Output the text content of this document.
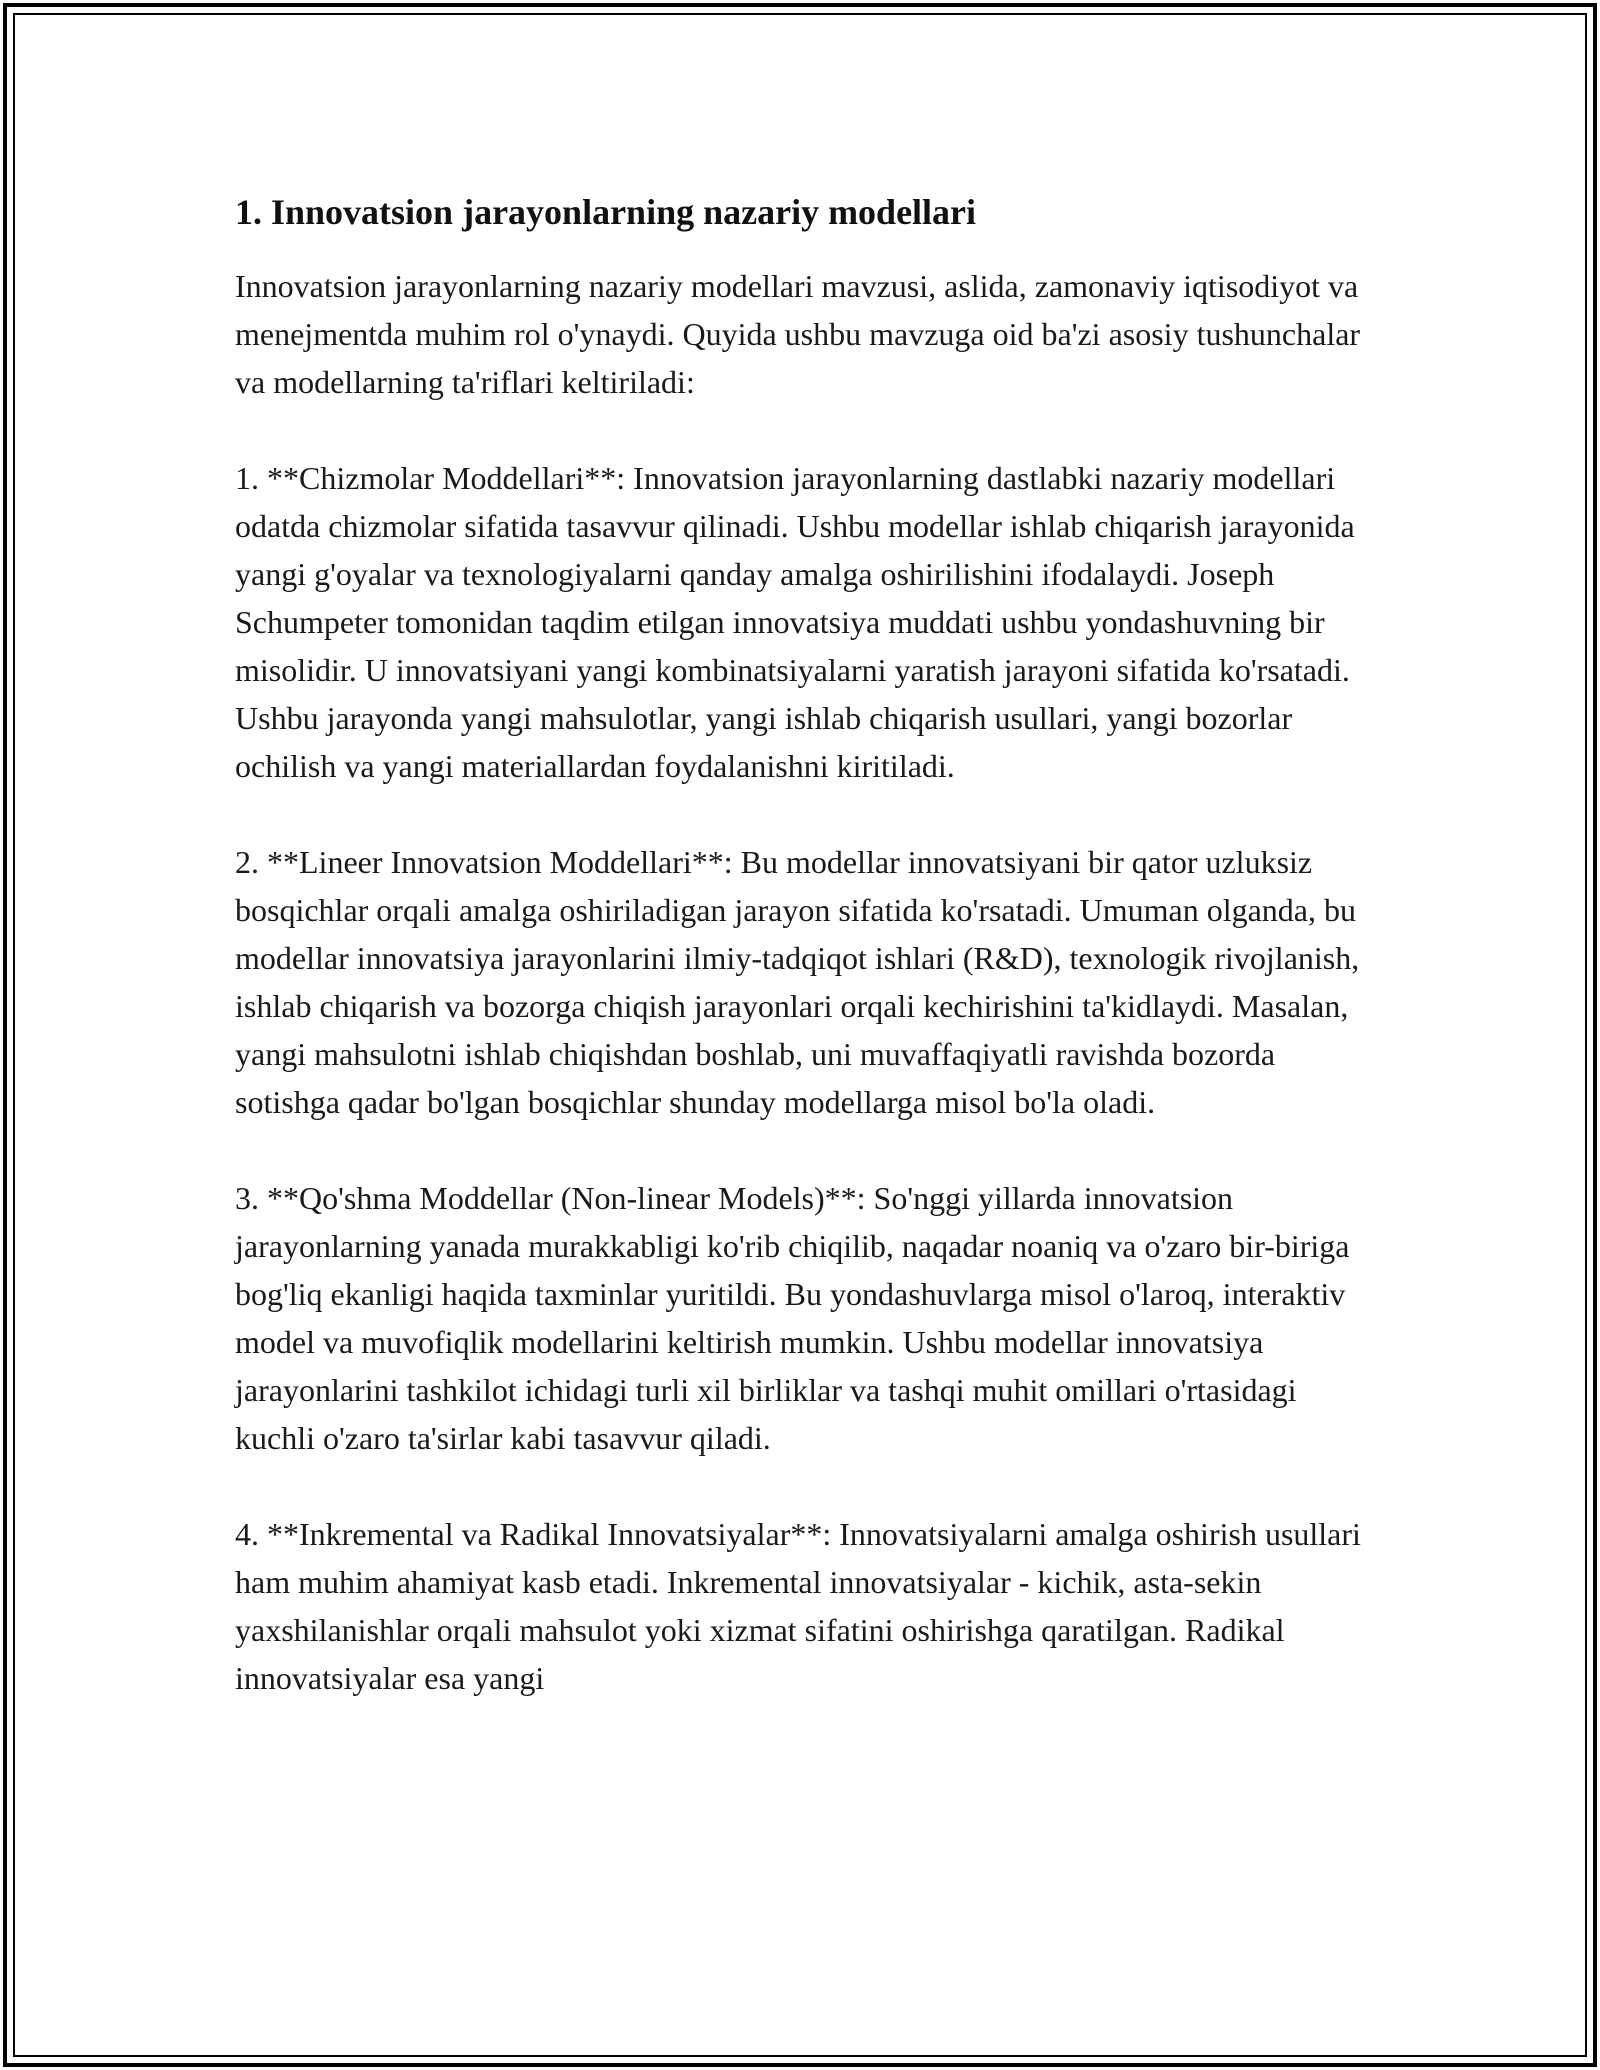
1. Innovatsion jarayonlarning nazariy modellari

Innovatsion jarayonlarning nazariy modellari mavzusi, aslida, zamonaviy iqtisodiyot va menejmentda muhim rol o'ynaydi. Quyida ushbu mavzuga oid ba'zi asosiy tushunchalar va modellarning ta'riflari keltiriladi:

1. **Chizmolar Moddellari**: Innovatsion jarayonlarning dastlabki nazariy modellari odatda chizmolar sifatida tasavvur qilinadi. Ushbu modellar ishlab chiqarish jarayonida yangi g'oyalar va texnologiyalarni qanday amalga oshirilishini ifodalaydi. Joseph Schumpeter tomonidan taqdim etilgan innovatsiya muddati ushbu yondashuvning bir misolidir. U innovatsiyani yangi kombinatsiyalarni yaratish jarayoni sifatida ko'rsatadi. Ushbu jarayonda yangi mahsulotlar, yangi ishlab chiqarish usullari, yangi bozorlar ochilish va yangi materiallardan foydalanishni kiritiladi.

2. **Lineer Innovatsion Moddellari**: Bu modellar innovatsiyani bir qator uzluksiz bosqichlar orqali amalga oshiriladigan jarayon sifatida ko'rsatadi. Umuman olganda, bu modellar innovatsiya jarayonlarini ilmiy-tadqiqot ishlari (R&D), texnologik rivojlanish, ishlab chiqarish va bozorga chiqish jarayonlari orqali kechirishini ta'kidlaydi. Masalan, yangi mahsulotni ishlab chiqishdan boshlab, uni muvaffaqiyatli ravishda bozorda sotishga qadar bo'lgan bosqichlar shunday modellarga misol bo'la oladi.

3. **Qo'shma Moddellar (Non-linear Models)**: So'nggi yillarda innovatsion jarayonlarning yanada murakkabligi ko'rib chiqilib, naqadar noaniq va o'zaro bir-biriga bog'liq ekanligi haqida taxminlar yuritildi. Bu yondashuvlarga misol o'laroq, interaktiv model va muvofiqlik modellarini keltirish mumkin. Ushbu modellar innovatsiya jarayonlarini tashkilot ichidagi turli xil birliklar va tashqi muhit omillari o'rtasidagi kuchli o'zaro ta'sirlar kabi tasavvur qiladi.

4. **Inkremental va Radikal Innovatsiyalar**: Innovatsiyalarni amalga oshirish usullari ham muhim ahamiyat kasb etadi. Inkremental innovatsiyalar - kichik, asta-sekin yaxshilanishlar orqali mahsulot yoki xizmat sifatini oshirishga qaratilgan. Radikal innovatsiyalar esa yangi
